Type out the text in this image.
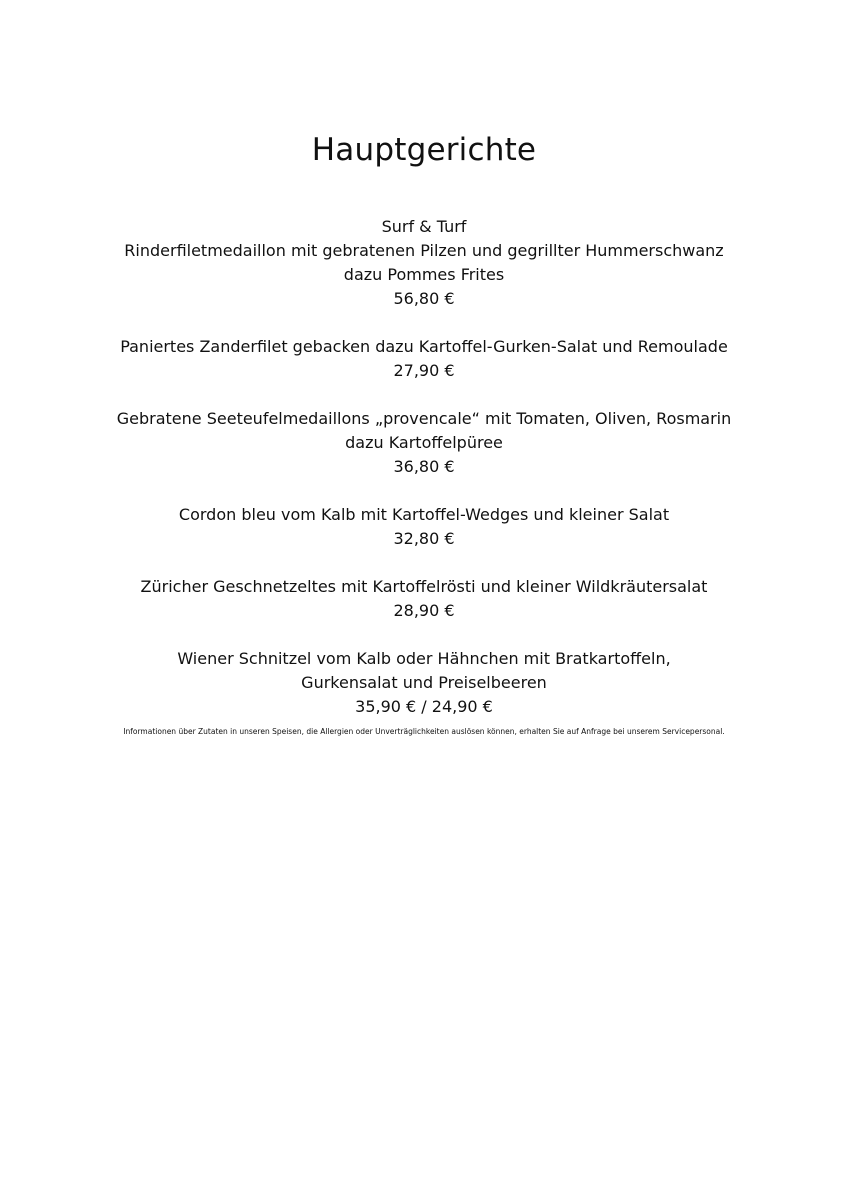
Hauptgerichte
Surf & Turf
Rinderfiletmedaillon mit gebratenen Pilzen und gegrillter Hummerschwanz
dazu Pommes Frites
56,80 €
Paniertes Zanderfilet gebacken dazu Kartoffel-Gurken-Salat und Remoulade
27,90 €
Gebratene Seeteufelmedaillons „provencale“ mit Tomaten, Oliven, Rosmarin
dazu Kartoffelpüree
36,80 €
Cordon bleu vom Kalb mit Kartoffel-Wedges und kleiner Salat
32,80 €
Züricher Geschnetzeltes mit Kartoffelrösti und kleiner Wildkräutersalat
28,90 €
Wiener Schnitzel vom Kalb oder Hähnchen mit Bratkartoffeln,
Gurkensalat und Preiselbeeren
35,90 € / 24,90 €
Informationen über Zutaten in unseren Speisen, die Allergien oder Unverträglichkeiten auslösen können, erhalten Sie auf Anfrage bei unserem Servicepersonal.
